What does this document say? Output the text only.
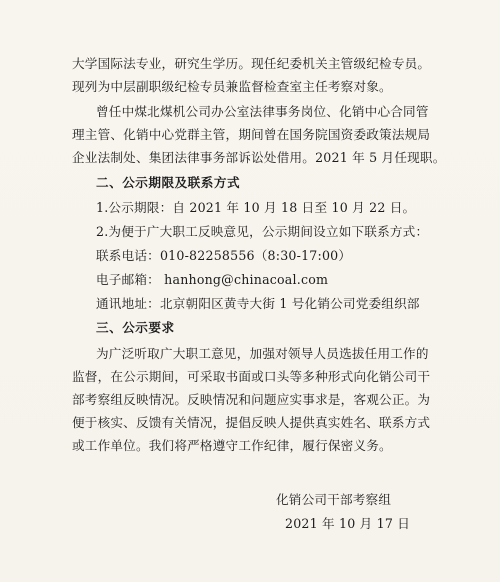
大学国际法专业，研究生学历。现任纪委机关主管级纪检专员。
现列为中层副职级纪检专员兼监督检查室主任考察对象。
曾任中煤北煤机公司办公室法律事务岗位、化销中心合同管
理主管、化销中心党群主管，期间曾在国务院国资委政策法规局
企业法制处、集团法律事务部诉讼处借用。2021 年 5 月任现职。
二、公示期限及联系方式
1.公示期限：自 2021 年 10 月 18 日至 10 月 22 日。
2.为便于广大职工反映意见，公示期间设立如下联系方式：
联系电话：010-82258556（8:30-17:00）
电子邮箱： hanhong@chinacoal.com
通讯地址：北京朝阳区黄寺大街 1 号化销公司党委组织部
三、公示要求
为广泛听取广大职工意见，加强对领导人员选拔任用工作的
监督，在公示期间，可采取书面或口头等多种形式向化销公司干
部考察组反映情况。反映情况和问题应实事求是，客观公正。为
便于核实、反馈有关情况，提倡反映人提供真实姓名、联系方式
或工作单位。我们将严格遵守工作纪律，履行保密义务。
化销公司干部考察组
2021 年 10 月 17 日
